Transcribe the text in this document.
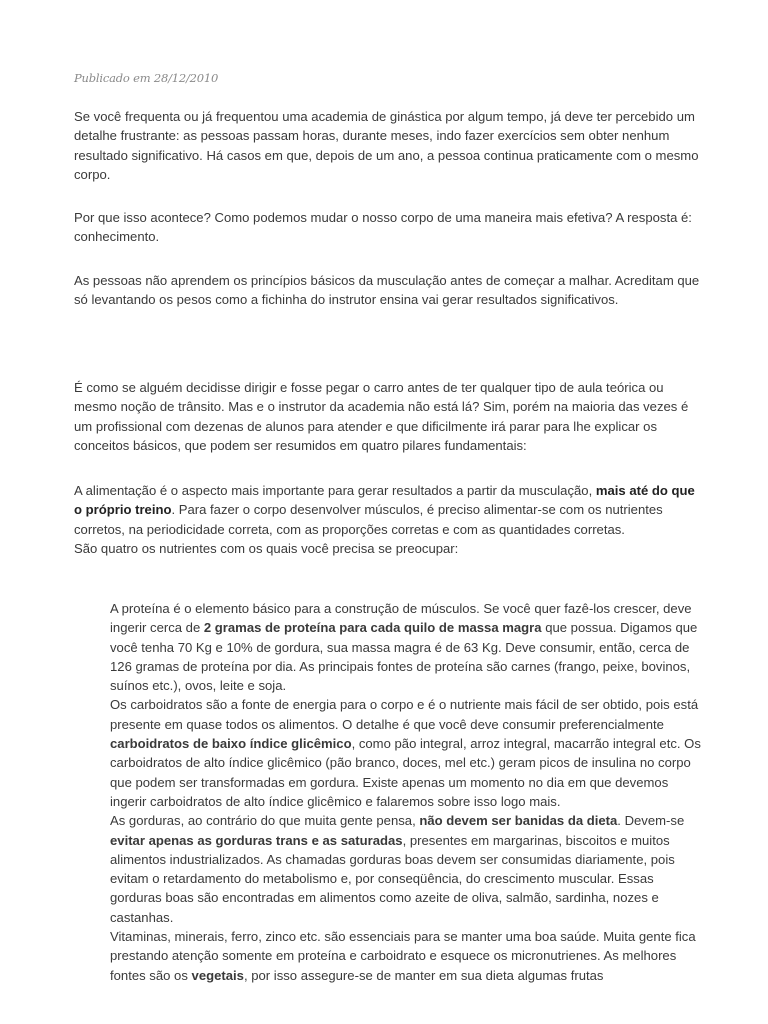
Publicado em 28/12/2010

Se você frequenta ou já frequentou uma academia de ginástica por algum tempo, já deve ter percebido um detalhe frustrante: as pessoas passam horas, durante meses, indo fazer exercícios sem obter nenhum resultado significativo. Há casos em que, depois de um ano, a pessoa continua praticamente com o mesmo corpo.

Por que isso acontece? Como podemos mudar o nosso corpo de uma maneira mais efetiva? A resposta é: conhecimento.

As pessoas não aprendem os princípios básicos da musculação antes de começar a malhar. Acreditam que só levantando os pesos como a fichinha do instrutor ensina vai gerar resultados significativos.

É como se alguém decidisse dirigir e fosse pegar o carro antes de ter qualquer tipo de aula teórica ou mesmo noção de trânsito. Mas e o instrutor da academia não está lá? Sim, porém na maioria das vezes é um profissional com dezenas de alunos para atender e que dificilmente irá parar para lhe explicar os conceitos básicos, que podem ser resumidos em quatro pilares fundamentais:

A alimentação é o aspecto mais importante para gerar resultados a partir da musculação, mais até do que o próprio treino. Para fazer o corpo desenvolver músculos, é preciso alimentar-se com os nutrientes corretos, na periodicidade correta, com as proporções corretas e com as quantidades corretas.
São quatro os nutrientes com os quais você precisa se preocupar:

A proteína é o elemento básico para a construção de músculos. Se você quer fazê-los crescer, deve ingerir cerca de 2 gramas de proteína para cada quilo de massa magra que possua. Digamos que você tenha 70 Kg e 10% de gordura, sua massa magra é de 63 Kg. Deve consumir, então, cerca de 126 gramas de proteína por dia. As principais fontes de proteína são carnes (frango, peixe, bovinos, suínos etc.), ovos, leite e soja.

Os carboidratos são a fonte de energia para o corpo e é o nutriente mais fácil de ser obtido, pois está presente em quase todos os alimentos. O detalhe é que você deve consumir preferencialmente carboidratos de baixo índice glicêmico, como pão integral, arroz integral, macarrão integral etc. Os carboidratos de alto índice glicêmico (pão branco, doces, mel etc.) geram picos de insulina no corpo que podem ser transformadas em gordura. Existe apenas um momento no dia em que devemos ingerir carboidratos de alto índice glicêmico e falaremos sobre isso logo mais.

As gorduras, ao contrário do que muita gente pensa, não devem ser banidas da dieta. Devem-se evitar apenas as gorduras trans e as saturadas, presentes em margarinas, biscoitos e muitos alimentos industrializados. As chamadas gorduras boas devem ser consumidas diariamente, pois evitam o retardamento do metabolismo e, por conseqüência, do crescimento muscular. Essas gorduras boas são encontradas em alimentos como azeite de oliva, salmão, sardinha, nozes e castanhas.

Vitaminas, minerais, ferro, zinco etc. são essenciais para se manter uma boa saúde. Muita gente fica prestando atenção somente em proteína e carboidrato e esquece os micronutrienes. As melhores fontes são os vegetais, por isso assegure-se de manter em sua dieta algumas frutas
